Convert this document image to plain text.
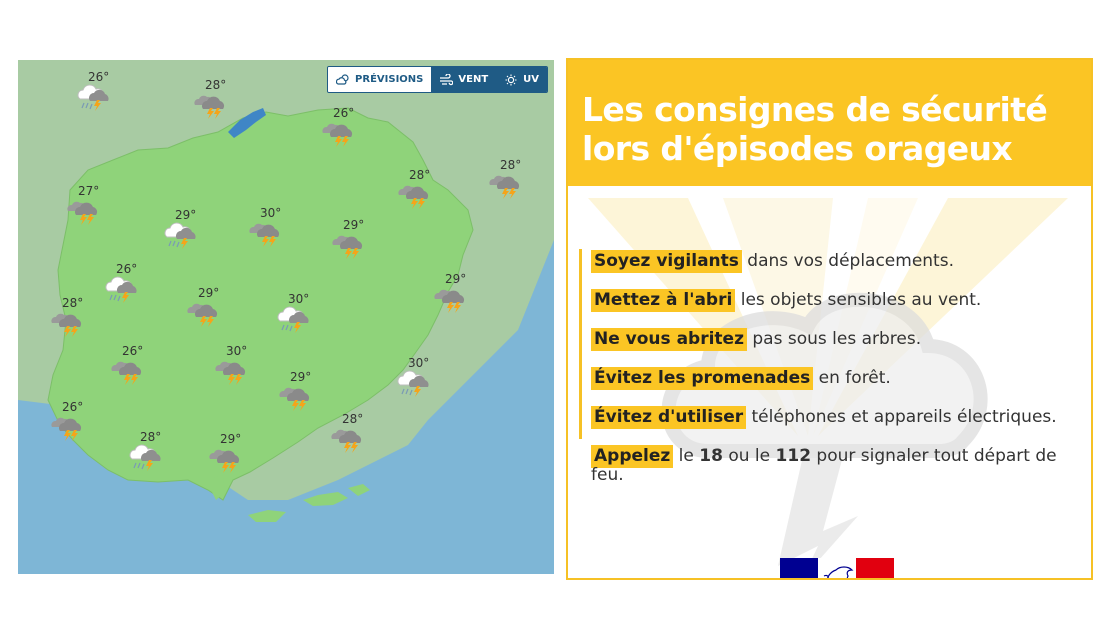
PRÉVISIONS	VENT	UV
26°
28°
26°
28°
28°
27°
29°	30°
29°
26°
29°
28°
29°	30°
26°
30°
30°
29°
26°
28°
28°	29°
Les consignes de sécurité
lors d'épisodes orageux
Soyez vigilants dans vos déplacements.
Mettez à l'abri les objets sensibles au vent.
Ne vous abritez pas sous les arbres.
Évitez les promenades en forêt.
Évitez d'utiliser téléphones et appareils électriques.
Appelez le 18 ou le 112 pour signaler tout départ de feu.
